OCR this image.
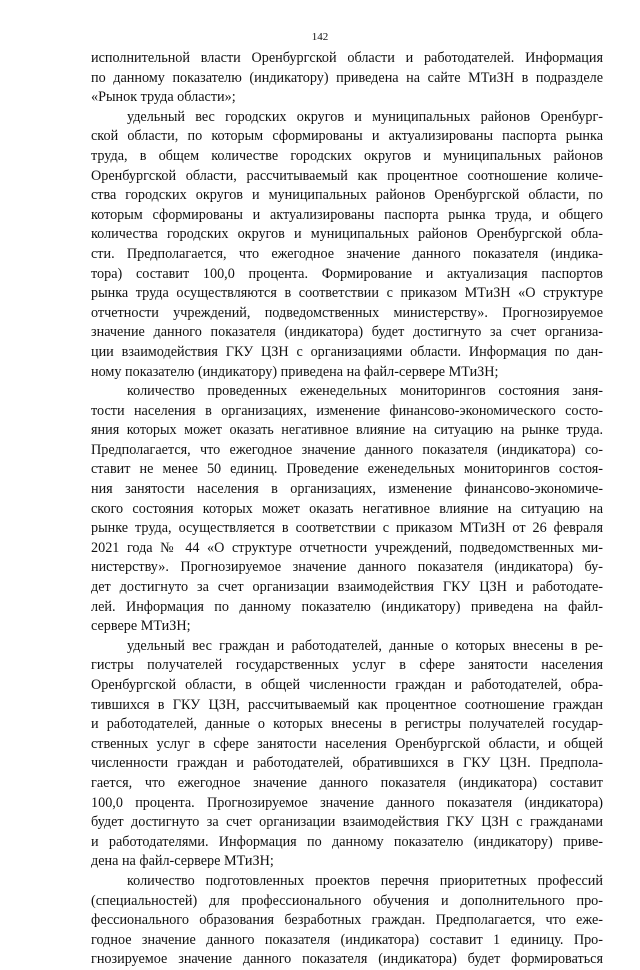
142
исполнительной власти Оренбургской области и работодателей. Информация
по данному показателю (индикатору) приведена на сайте МТиЗН в подразделе
«Рынок труда области»;
удельный вес городских округов и муниципальных районов Оренбург-
ской области, по которым сформированы и актуализированы паспорта рынка
труда, в общем количестве городских округов и муниципальных районов
Оренбургской области, рассчитываемый как процентное соотношение количе-
ства городских округов и муниципальных районов Оренбургской области, по
которым сформированы и актуализированы паспорта рынка труда, и общего
количества городских округов и муниципальных районов Оренбургской обла-
сти. Предполагается, что ежегодное значение данного показателя (индика-
тора) составит 100,0 процента. Формирование и актуализация паспортов
рынка труда осуществляются в соответствии с приказом МТиЗН «О структуре
отчетности учреждений, подведомственных министерству». Прогнозируемое
значение данного показателя (индикатора) будет достигнуто за счет организа-
ции взаимодействия ГКУ ЦЗН с организациями области. Информация по дан-
ному показателю (индикатору) приведена на файл-сервере МТиЗН;
количество проведенных еженедельных мониторингов состояния заня-
тости населения в организациях, изменение финансово-экономического состо-
яния которых может оказать негативное влияние на ситуацию на рынке труда.
Предполагается, что ежегодное значение данного показателя (индикатора) со-
ставит не менее 50 единиц. Проведение еженедельных мониторингов состоя-
ния занятости населения в организациях, изменение финансово-экономиче-
ского состояния которых может оказать негативное влияние на ситуацию на
рынке труда, осуществляется в соответствии с приказом МТиЗН от 26 февраля
2021 года № 44 «О структуре отчетности учреждений, подведомственных ми-
нистерству». Прогнозируемое значение данного показателя (индикатора) бу-
дет достигнуто за счет организации взаимодействия ГКУ ЦЗН и работодате-
лей. Информация по данному показателю (индикатору) приведена на файл-
сервере МТиЗН;
удельный вес граждан и работодателей, данные о которых внесены в ре-
гистры получателей государственных услуг в сфере занятости населения
Оренбургской области, в общей численности граждан и работодателей, обра-
тившихся в ГКУ ЦЗН, рассчитываемый как процентное соотношение граждан
и работодателей, данные о которых внесены в регистры получателей государ-
ственных услуг в сфере занятости населения Оренбургской области, и общей
численности граждан и работодателей, обратившихся в ГКУ ЦЗН. Предпола-
гается, что ежегодное значение данного показателя (индикатора) составит
100,0 процента. Прогнозируемое значение данного показателя (индикатора)
будет достигнуто за счет организации взаимодействия ГКУ ЦЗН с гражданами
и работодателями. Информация по данному показателю (индикатору) приве-
дена на файл-сервере МТиЗН;
количество подготовленных проектов перечня приоритетных профессий
(специальностей) для профессионального обучения и дополнительного про-
фессионального образования безработных граждан. Предполагается, что еже-
годное значение данного показателя (индикатора) составит 1 единицу. Про-
гнозируемое значение данного показателя (индикатора) будет формироваться
